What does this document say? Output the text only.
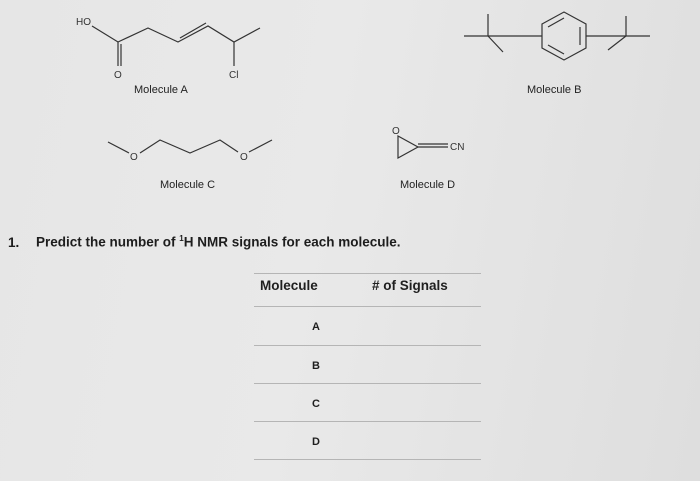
HO
O	Cl
O	O
O
CN
Molecule A	Molecule B
Molecule C	Molecule D
1. Predict the number of $^1$H NMR signals for each molecule.
Molecule	# of Signals
A
B
C
D
